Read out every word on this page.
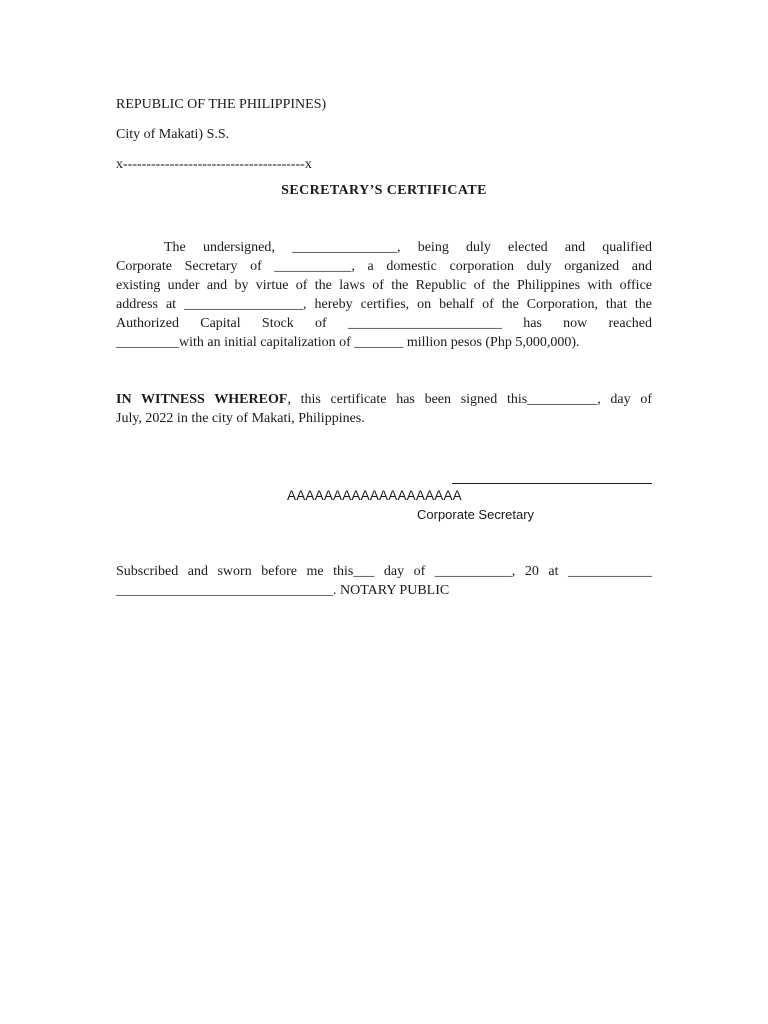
REPUBLIC OF THE PHILIPPINES)
City of Makati) S.S.
x---------------------------------------x
SECRETARY’S CERTIFICATE
The undersigned, _______________, being duly elected and qualified
Corporate Secretary of ___________, a domestic corporation duly organized and
existing under and by virtue of the laws of the Republic of the Philippines with office
address at _________________, hereby certifies, on behalf of the Corporation, that the
Authorized Capital Stock of ______________________ has now reached
_________with an initial capitalization of _______ million pesos (Php 5,000,000).
IN WITNESS WHEREOF, this certificate has been signed this__________, day of
July, 2022 in the city of Makati, Philippines.
AAAAAAAAAAAAAAAAAAA
Corporate Secretary
Subscribed and sworn before me this___ day of ___________, 20 at ____________
_______________________________. NOTARY PUBLIC
